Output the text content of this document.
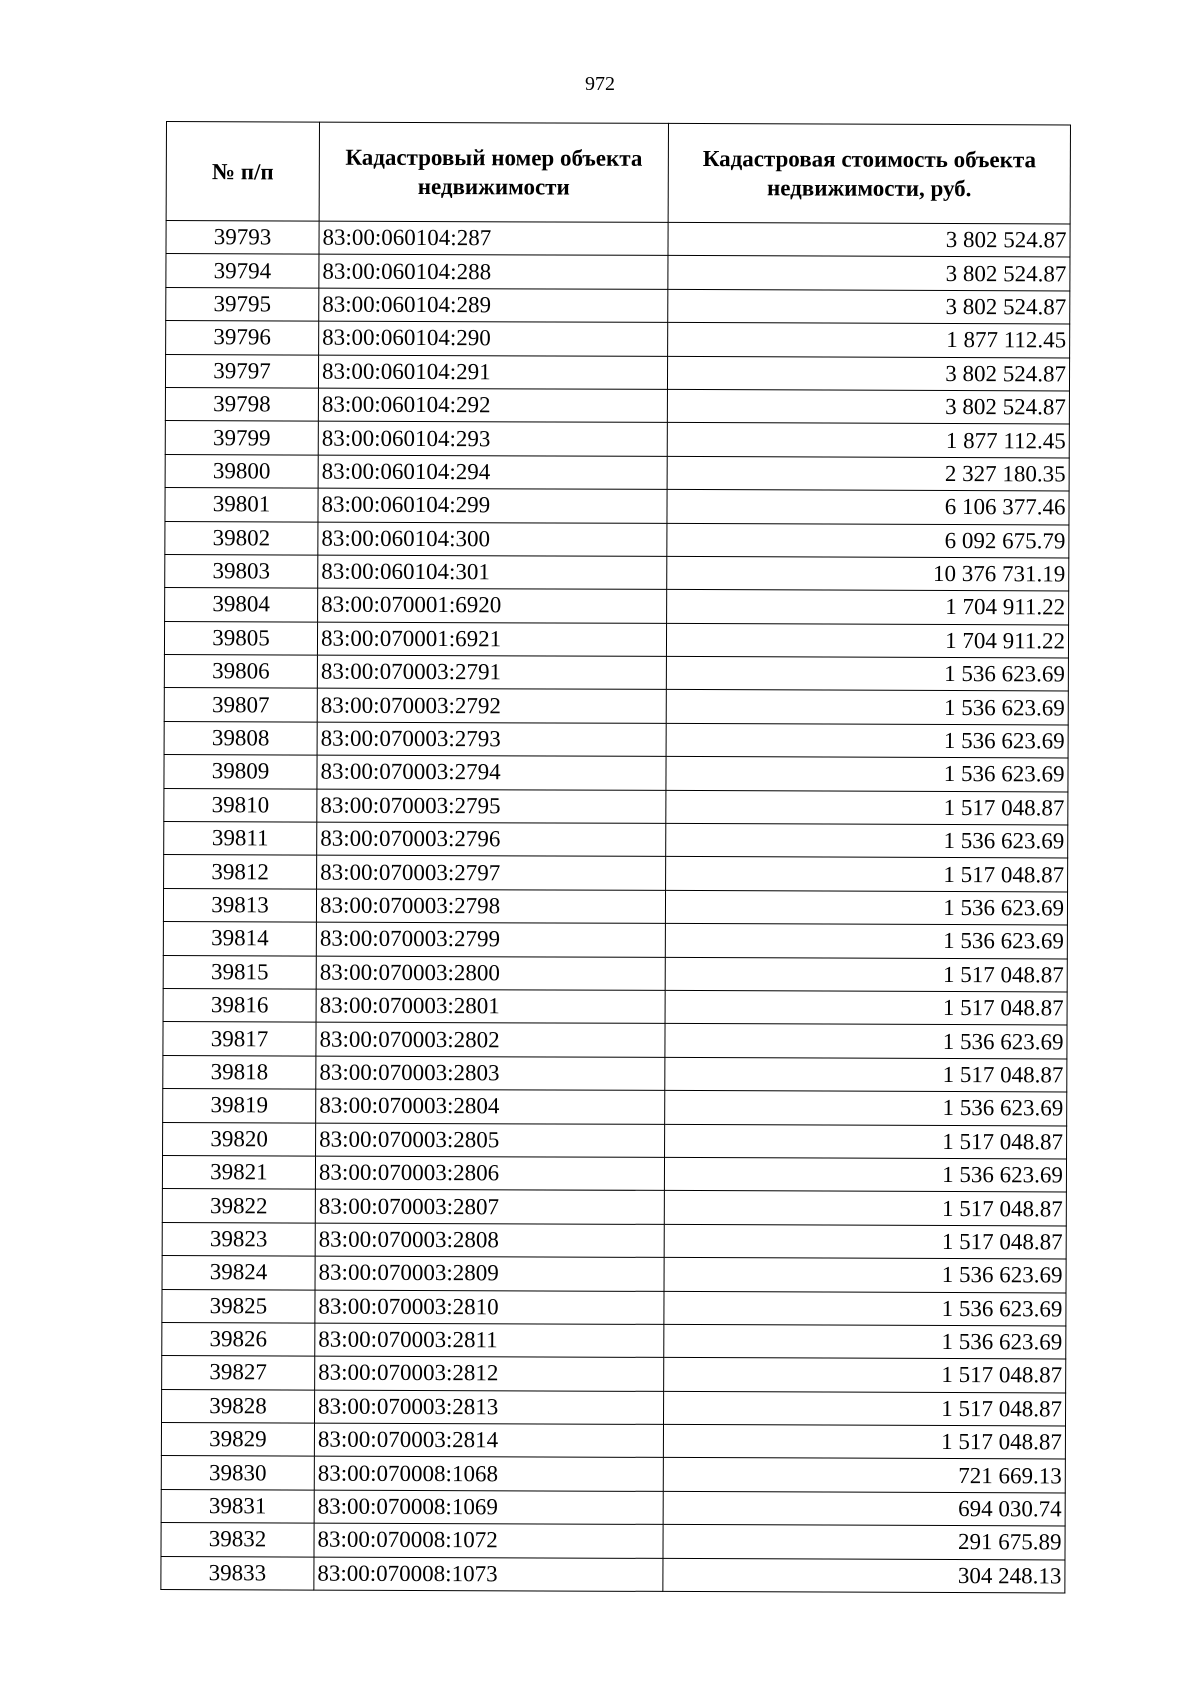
972
№ п/п	Кадастровый номер объекта недвижимости	Кадастровая стоимость объекта недвижимости, руб.
39793	83:00:060104:287	3 802 524.87
39794	83:00:060104:288	3 802 524.87
39795	83:00:060104:289	3 802 524.87
39796	83:00:060104:290	1 877 112.45
39797	83:00:060104:291	3 802 524.87
39798	83:00:060104:292	3 802 524.87
39799	83:00:060104:293	1 877 112.45
39800	83:00:060104:294	2 327 180.35
39801	83:00:060104:299	6 106 377.46
39802	83:00:060104:300	6 092 675.79
39803	83:00:060104:301	10 376 731.19
39804	83:00:070001:6920	1 704 911.22
39805	83:00:070001:6921	1 704 911.22
39806	83:00:070003:2791	1 536 623.69
39807	83:00:070003:2792	1 536 623.69
39808	83:00:070003:2793	1 536 623.69
39809	83:00:070003:2794	1 536 623.69
39810	83:00:070003:2795	1 517 048.87
39811	83:00:070003:2796	1 536 623.69
39812	83:00:070003:2797	1 517 048.87
39813	83:00:070003:2798	1 536 623.69
39814	83:00:070003:2799	1 536 623.69
39815	83:00:070003:2800	1 517 048.87
39816	83:00:070003:2801	1 517 048.87
39817	83:00:070003:2802	1 536 623.69
39818	83:00:070003:2803	1 517 048.87
39819	83:00:070003:2804	1 536 623.69
39820	83:00:070003:2805	1 517 048.87
39821	83:00:070003:2806	1 536 623.69
39822	83:00:070003:2807	1 517 048.87
39823	83:00:070003:2808	1 517 048.87
39824	83:00:070003:2809	1 536 623.69
39825	83:00:070003:2810	1 536 623.69
39826	83:00:070003:2811	1 536 623.69
39827	83:00:070003:2812	1 517 048.87
39828	83:00:070003:2813	1 517 048.87
39829	83:00:070003:2814	1 517 048.87
39830	83:00:070008:1068	721 669.13
39831	83:00:070008:1069	694 030.74
39832	83:00:070008:1072	291 675.89
39833	83:00:070008:1073	304 248.13
